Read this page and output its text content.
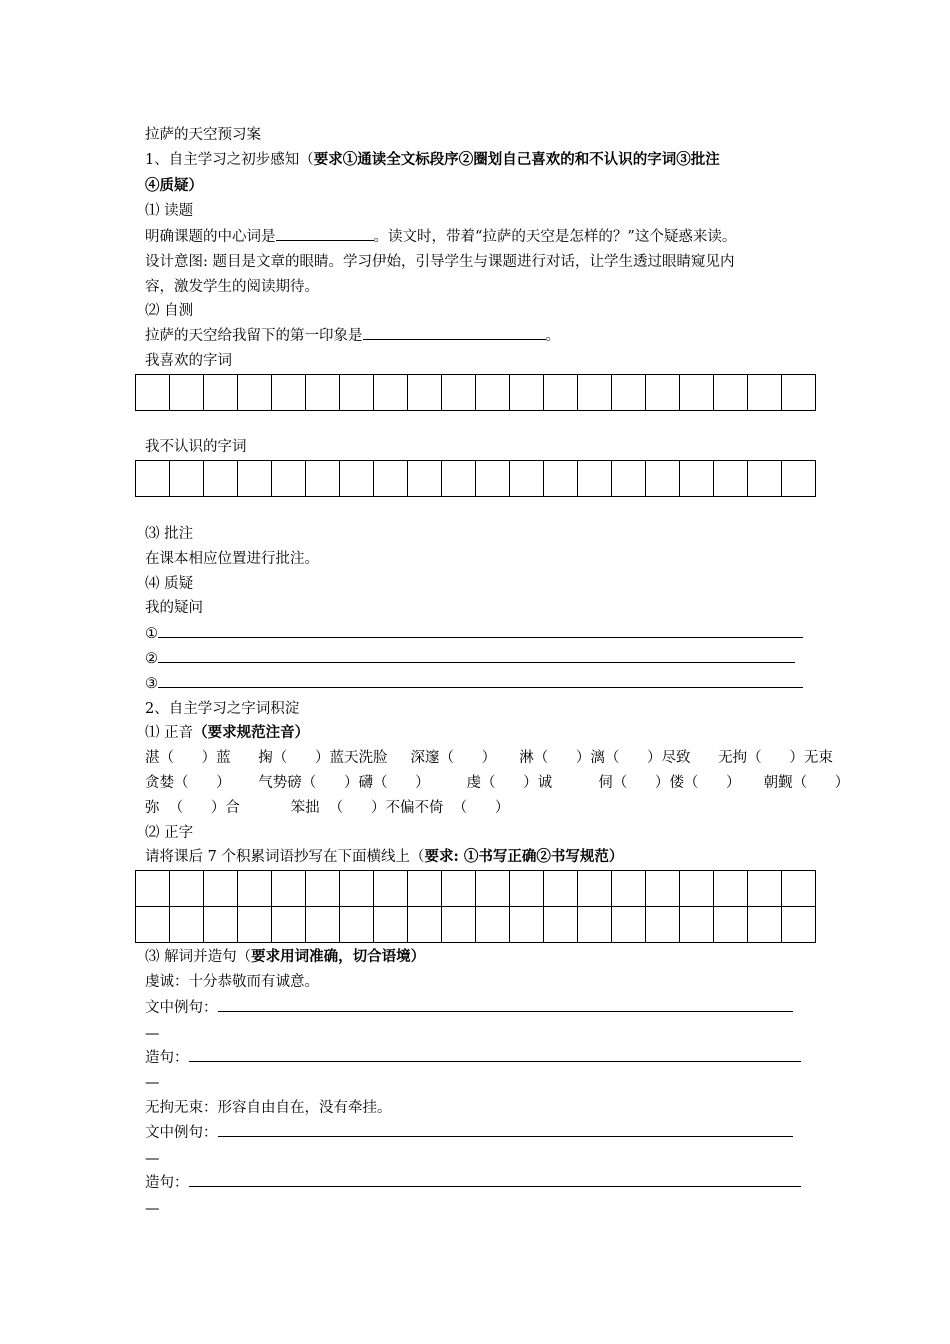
拉萨的天空预习案
1、自主学习之初步感知（要求①通读全文标段序②圈划自己喜欢的和不认识的字词③批注
④质疑）
⑴ 读题
明确课题的中心词是	。读文时，带着“拉萨的天空是怎样的？”这个疑惑来读。
设计意图: 题目是文章的眼睛。学习伊始，引导学生与课题进行对话，让学生透过眼睛窥见内
容，激发学生的阅读期待。
⑵ 自测
拉萨的天空给我留下的第一印象是	。
我喜欢的字词

我不认识的字词

⑶ 批注
在课本相应位置进行批注。
⑷ 质疑
我的疑问
①
②
③
2、自主学习之字词积淀
⑴ 正音（要求规范注音）
湛（      ）蓝      掬（      ）蓝天洗脸     深邃（      ）     淋（      ）漓（      ）尽致      无拘（      ）无束
贪婪（      ）      气势磅（      ）礴（      ）        虔（      ）诚          伺（      ）偻（      ）     朝觐（      ）
弥  （      ）合           笨拙  （      ）不偏不倚  （      ）
⑵ 正字
请将课后 7 个积累词语抄写在下面横线上（要求: ①书写正确②书写规范）

⑶ 解词并造句（要求用词准确，切合语境）
虔诚：十分恭敬而有诚意。
文中例句：
—
造句：
—
无拘无束：形容自由自在，没有牵挂。
文中例句：
—
造句：
—
